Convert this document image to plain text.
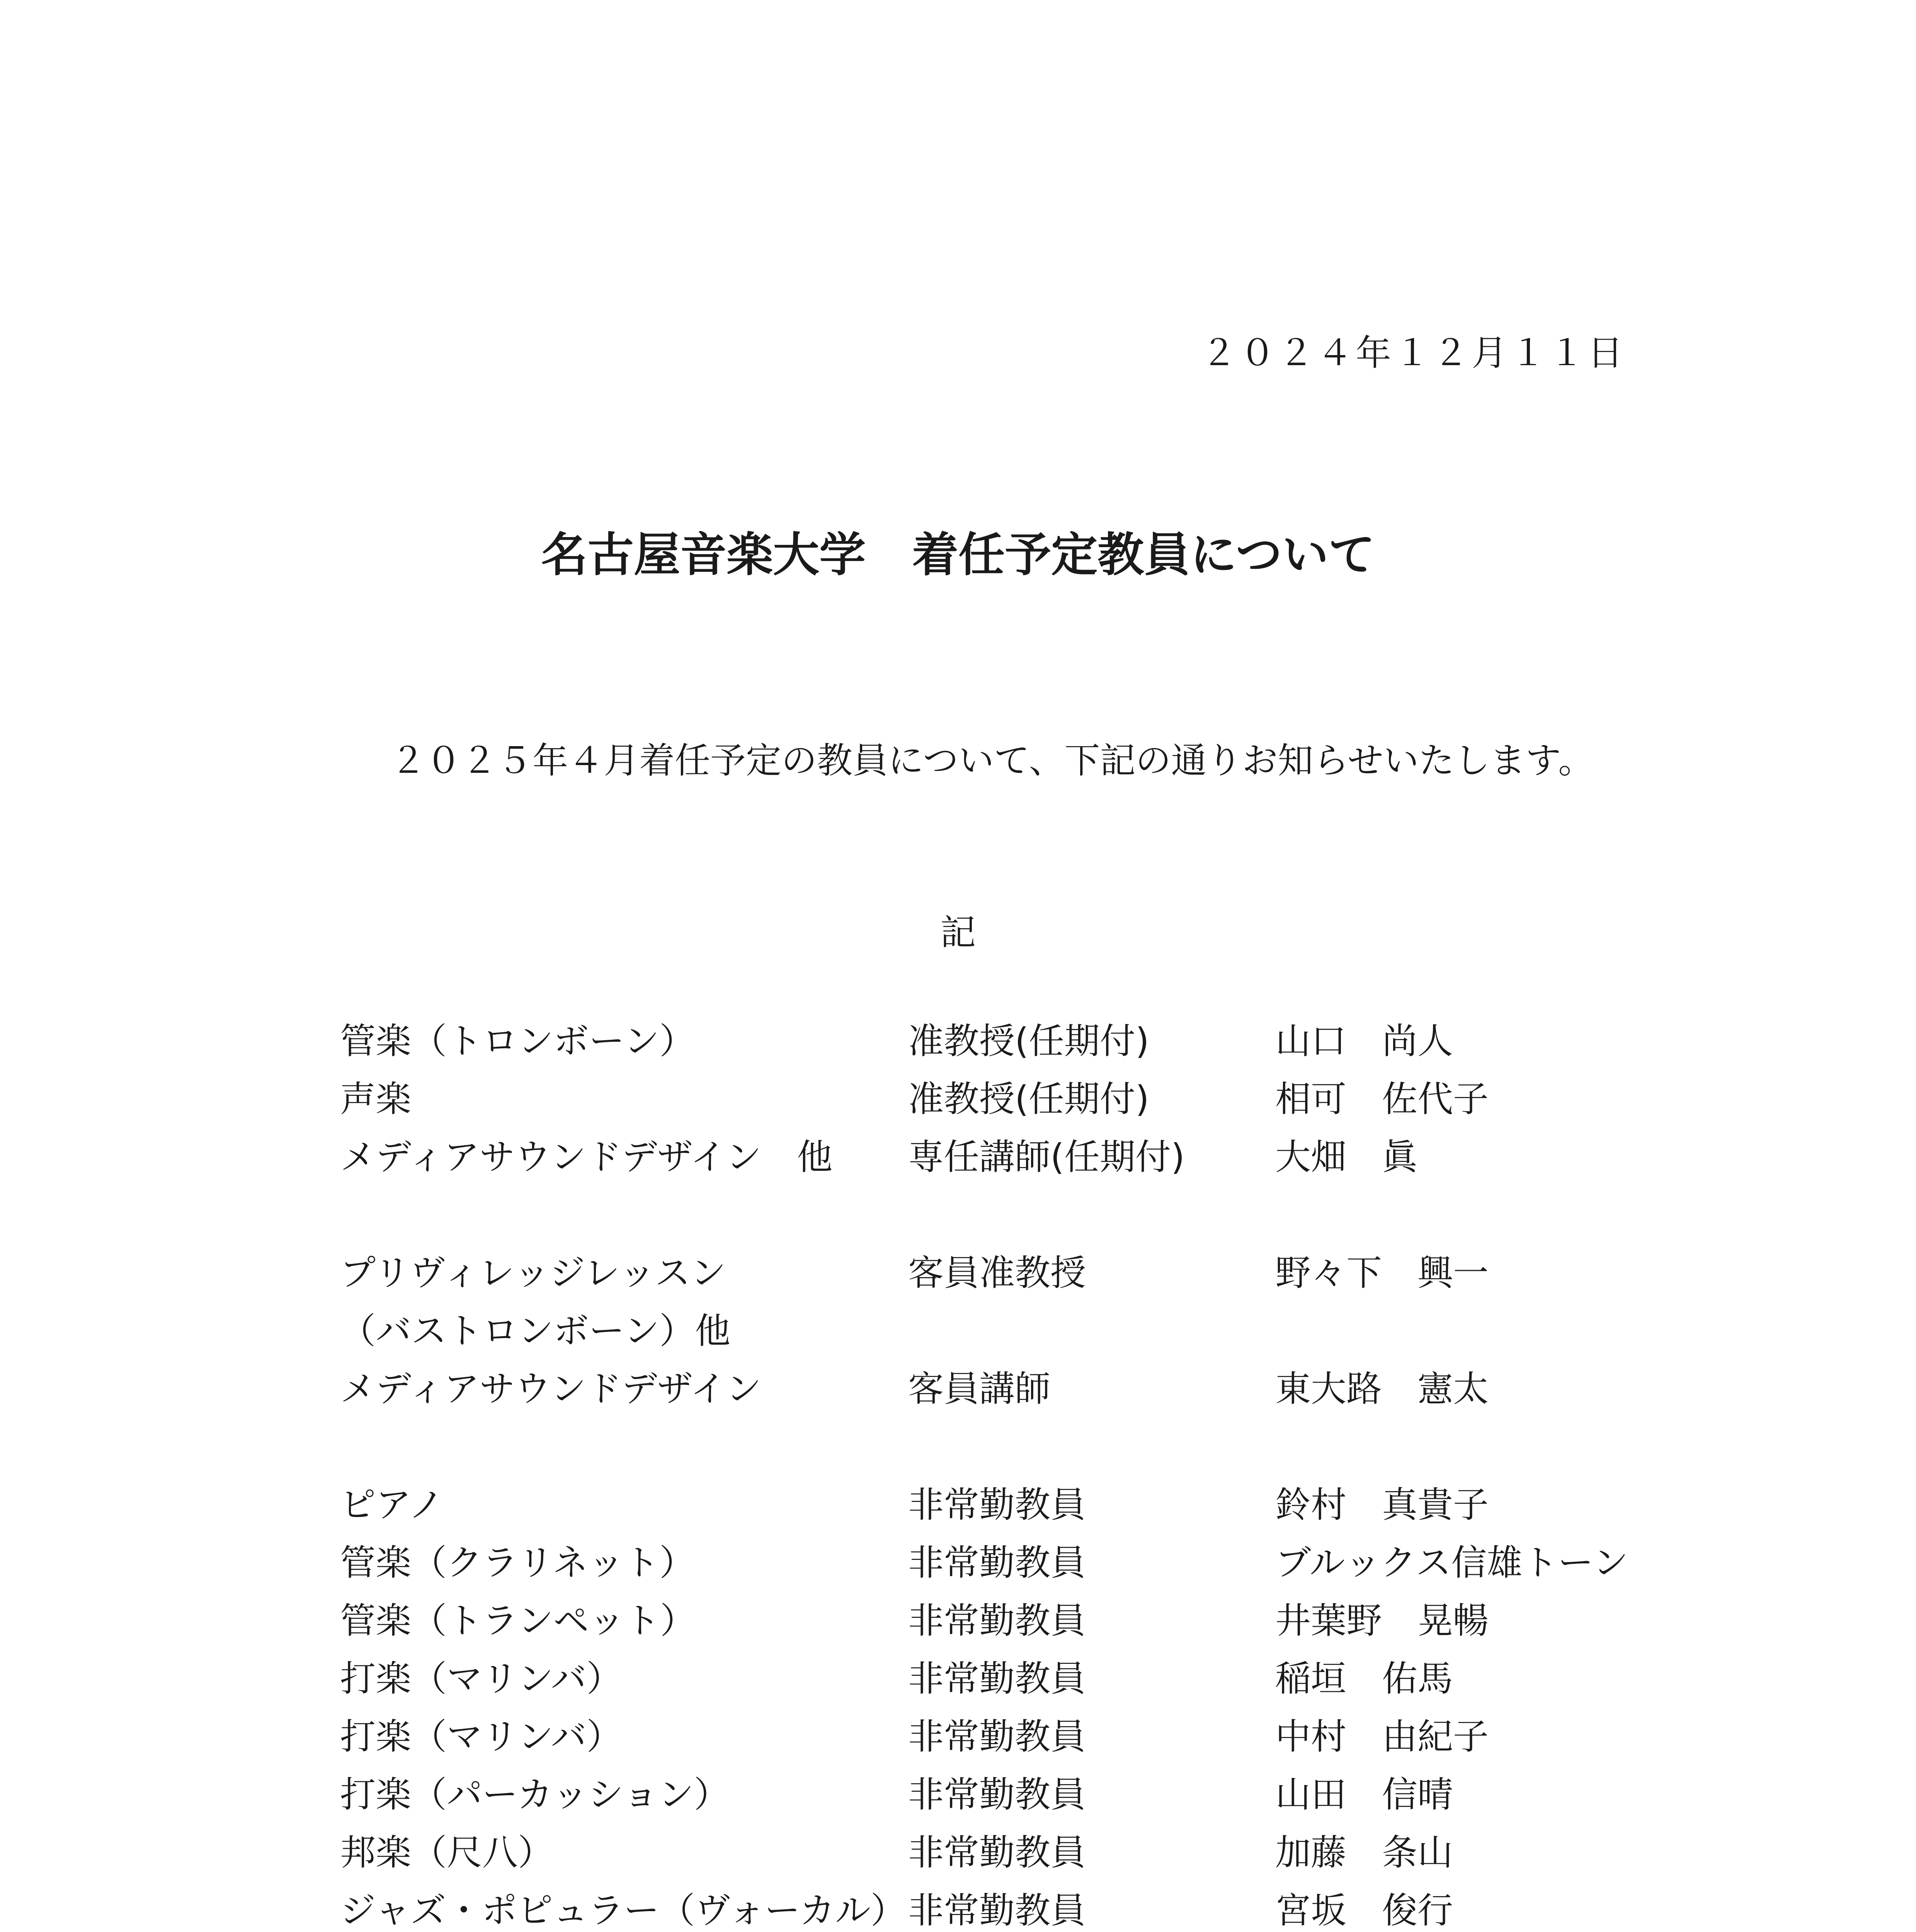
２０２４年１２月１１日
名古屋音楽大学　着任予定教員について
２０２５年４月着任予定の教員について、下記の通りお知らせいたします。
記
管楽（トロンボーン）	准教授(任期付)	山口　尚人
声楽	准教授(任期付)	相可　佐代子
メディアサウンドデザイン　他 専任講師(任期付)	大畑　眞
プリヴィレッジレッスン	客員准教授	野々下　興一
（バストロンボーン）他
メディアサウンドデザイン	客員講師	東大路　憲太
ピアノ	非常勤教員	鈴村　真貴子
管楽（クラリネット）	非常勤教員	ブルックス信雄トーン
管楽（トランペット）	非常勤教員	井葉野　晃暢
打楽（マリンバ）	非常勤教員	稲垣　佑馬
打楽（マリンバ）	非常勤教員	中村　由紀子
打楽（パーカッション）	非常勤教員	山田　信晴
邦楽（尺八）	非常勤教員	加藤　条山
ジャズ・ポピュラー（ヴォーカル） 非常勤教員	宮坂　俊行
